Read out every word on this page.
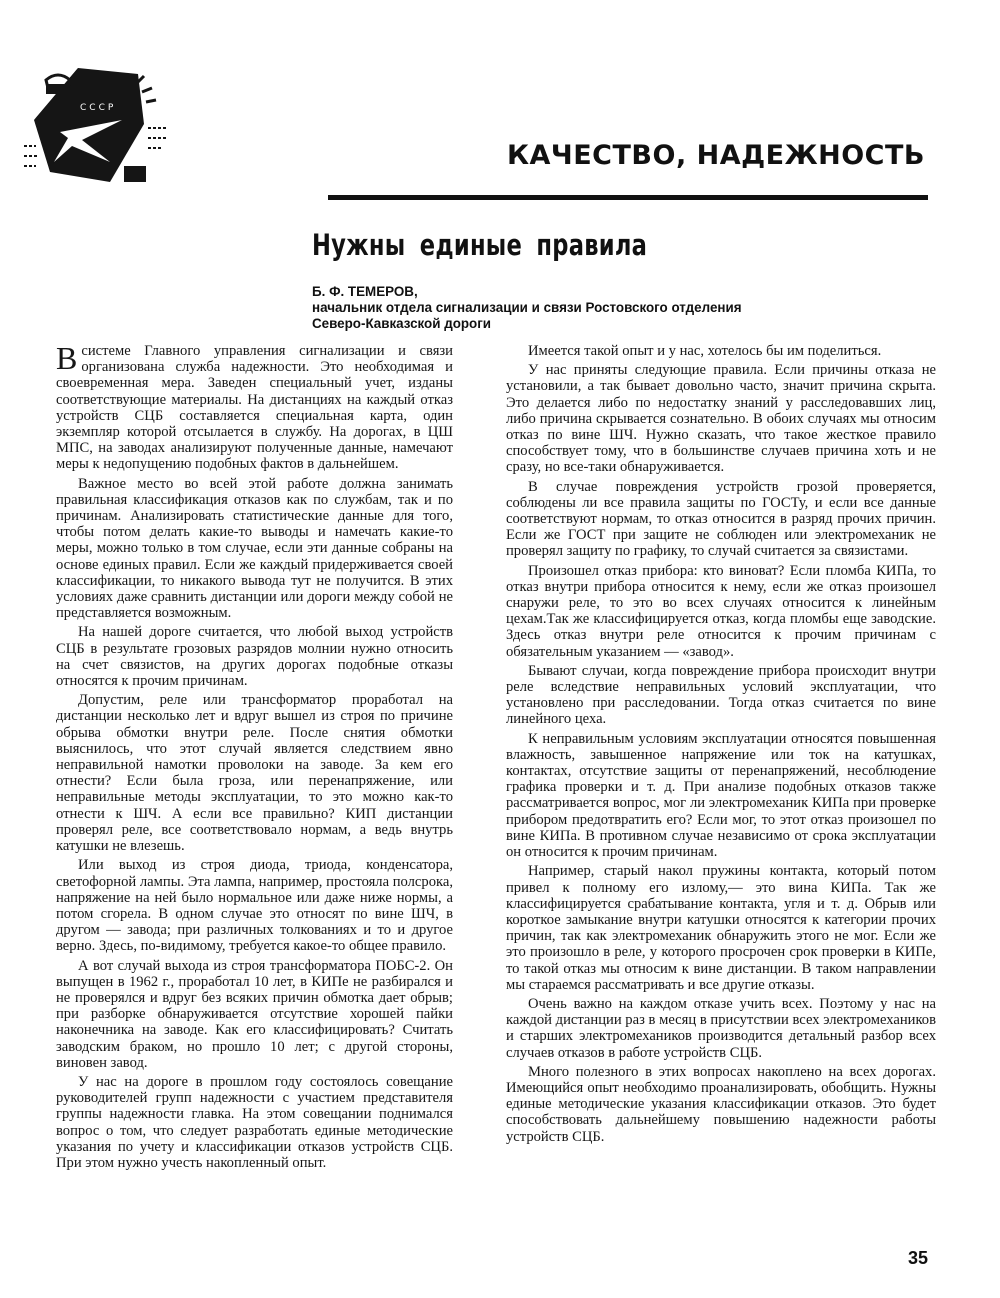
СССР
КАЧЕСТВО, НАДЕЖНОСТЬ
Нужны единые правила
Б. Ф. ТЕМЕРОВ,
начальник отдела сигнализации и связи Ростовского отделения
Северо-Кавказской дороги

В системе Главного управления сигнализации и связи организована служба надежности. Это необходимая и своевременная мера. Заведен специальный учет, изданы соответствующие материалы. На дистанциях на каждый отказ устройств СЦБ составляется специальная карта, один экземпляр которой отсылается в службу. На дорогах, в ЦШ МПС, на заводах анализируют полученные данные, намечают меры к недопущению подобных фактов в дальнейшем.

Важное место во всей этой работе должна занимать правильная классификация отказов как по службам, так и по причинам. Анализировать статистические данные для того, чтобы потом делать какие-то выводы и намечать какие-то меры, можно только в том случае, если эти данные собраны на основе единых правил. Если же каждый придерживается своей классификации, то никакого вывода тут не получится. В этих условиях даже сравнить дистанции или дороги между собой не представляется возможным.

На нашей дороге считается, что любой выход устройств СЦБ в результате грозовых разрядов молнии нужно относить на счет связистов, на других дорогах подобные отказы относятся к прочим причинам.

Допустим, реле или трансформатор проработал на дистанции несколько лет и вдруг вышел из строя по причине обрыва обмотки внутри реле. После снятия обмотки выяснилось, что этот случай является следствием явно неправильной намотки проволоки на заводе. За кем его отнести? Если была гроза, или перенапряжение, или неправильные методы эксплуатации, то это можно как-то отнести к ШЧ. А если все правильно? КИП дистанции проверял реле, все соответствовало нормам, а ведь внутрь катушки не влезешь.

Или выход из строя диода, триода, конденсатора, светофорной лампы. Эта лампа, например, простояла полсрока, напряжение на ней было нормальное или даже ниже нормы, а потом сгорела. В одном случае это относят по вине ШЧ, в другом — завода; при различных толкованиях и то и другое верно. Здесь, по-видимому, требуется какое-то общее правило.

А вот случай выхода из строя трансформатора ПОБС-2. Он выпущен в 1962 г., проработал 10 лет, в КИПе не разбирался и не проверялся и вдруг без всяких причин обмотка дает обрыв; при разборке обнаруживается отсутствие хорошей пайки наконечника на заводе. Как его классифицировать? Считать заводским браком, но прошло 10 лет; с другой стороны, виновен завод.

У нас на дороге в прошлом году состоялось совещание руководителей групп надежности с участием представителя группы надежности главка. На этом совещании поднимался вопрос о том, что следует разработать единые методические указания по учету и классификации отказов устройств СЦБ. При этом нужно учесть накопленный опыт.

Имеется такой опыт и у нас, хотелось бы им поделиться.

У нас приняты следующие правила. Если причины отказа не установили, а так бывает довольно часто, значит причина скрыта. Это делается либо по недостатку знаний у расследовавших лиц, либо причина скрывается сознательно. В обоих случаях мы относим отказ по вине ШЧ. Нужно сказать, что такое жесткое правило способствует тому, что в большинстве случаев причина хоть и не сразу, но все-таки обнаруживается.

В случае повреждения устройств грозой проверяется, соблюдены ли все правила защиты по ГОСТу, и если все данные соответствуют нормам, то отказ относится в разряд прочих причин. Если же ГОСТ при защите не соблюден или электромеханик не проверял защиту по графику, то случай считается за связистами.

Произошел отказ прибора: кто виноват? Если пломба КИПа, то отказ внутри прибора относится к нему, если же отказ произошел снаружи реле, то это во всех случаях относится к линейным цехам.Так же классифицируется отказ, когда пломбы еще заводские. Здесь отказ внутри реле относится к прочим причинам с обязательным указанием — «завод».

Бывают случаи, когда повреждение прибора происходит внутри реле вследствие неправильных условий эксплуатации, что установлено при расследовании. Тогда отказ считается по вине линейного цеха.

К неправильным условиям эксплуатации относятся повышенная влажность, завышенное напряжение или ток на катушках, контактах, отсутствие защиты от перенапряжений, несоблюдение графика проверки и т. д. При анализе подобных отказов также рассматривается вопрос, мог ли электромеханик КИПа при проверке прибором предотвратить его? Если мог, то этот отказ произошел по вине КИПа. В противном случае независимо от срока эксплуатации он относится к прочим причинам.

Например, старый накол пружины контакта, который потом привел к полному его излому,— это вина КИПа. Так же классифицируется срабатывание контакта, угля и т. д. Обрыв или короткое замыкание внутри катушки относятся к категории прочих причин, так как электромеханик обнаружить этого не мог. Если же это произошло в реле, у которого просрочен срок проверки в КИПе, то такой отказ мы относим к вине дистанции. В таком направлении мы стараемся рассматривать и все другие отказы.

Очень важно на каждом отказе учить всех. Поэтому у нас на каждой дистанции раз в месяц в присутствии всех электромехаников и старших электромехаников производится детальный разбор всех случаев отказов в работе устройств СЦБ.

Много полезного в этих вопросах накоплено на всех дорогах. Имеющийся опыт необходимо проанализировать, обобщить. Нужны единые методические указания классификации отказов. Это будет способствовать дальнейшему повышению надежности работы устройств СЦБ.

35
